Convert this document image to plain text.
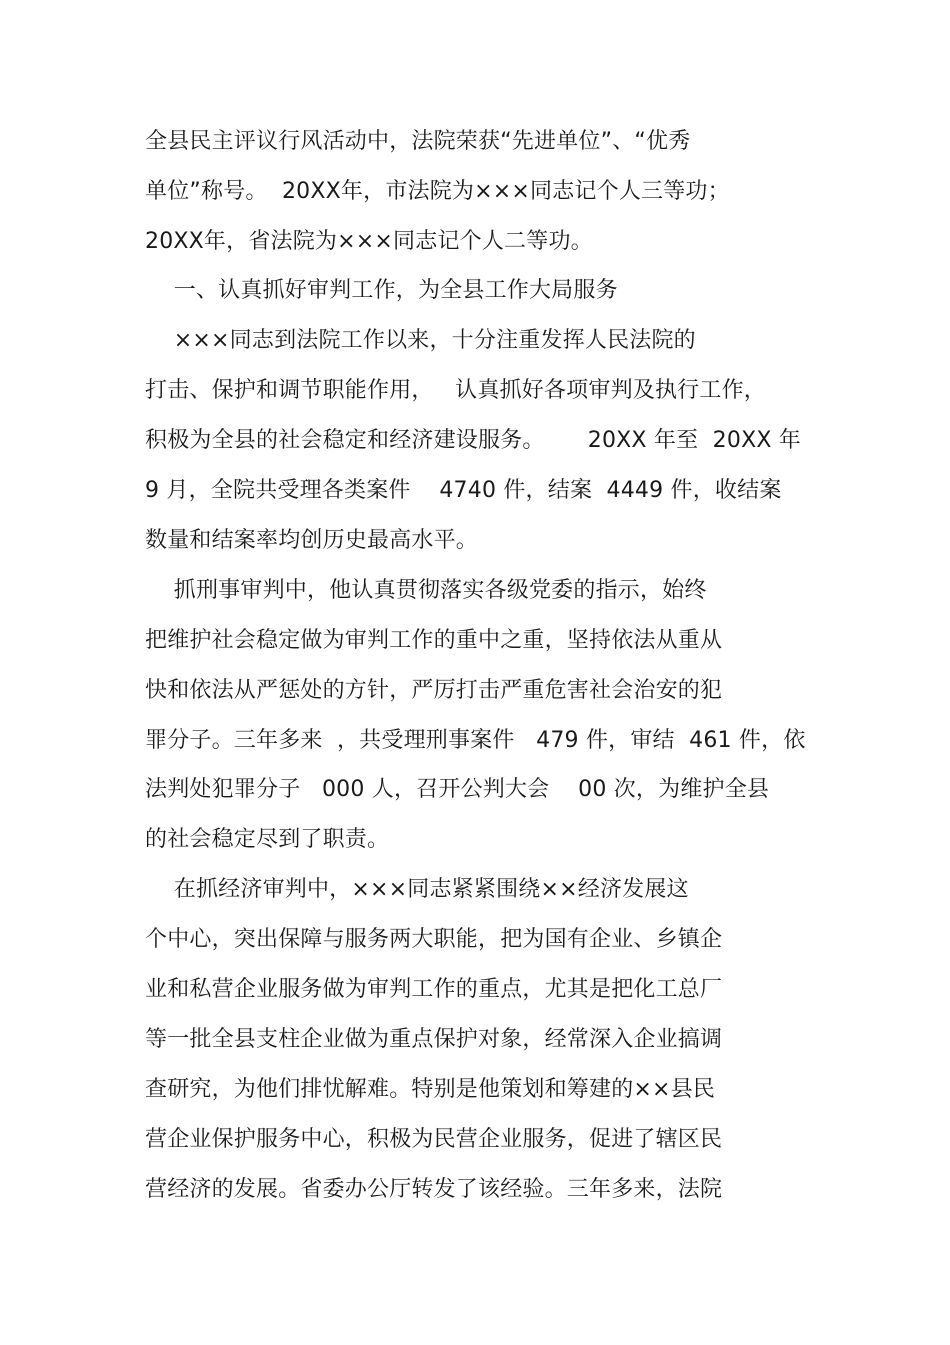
全县民主评议行风活动中，法院荣获“先进单位”、“优秀
单位”称号。  20XX年，市法院为×××同志记个人三等功；
20XX年，省法院为×××同志记个人二等功。
一、认真抓好审判工作，为全县工作大局服务
×××同志到法院工作以来，十分注重发挥人民法院的
打击、保护和调节职能作用，   认真抓好各项审判及执行工作，
积极为全县的社会稳定和经济建设服务。      20XX 年至  20XX 年
9 月，全院共受理各类案件    4740 件，结案  4449 件，收结案
数量和结案率均创历史最高水平。
抓刑事审判中，他认真贯彻落实各级党委的指示，始终
把维护社会稳定做为审判工作的重中之重，坚持依法从重从
快和依法从严惩处的方针，严厉打击严重危害社会治安的犯
罪分子。三年多来  ，共受理刑事案件   479 件，审结  461 件，依
法判处犯罪分子   000 人，召开公判大会    00 次，为维护全县
的社会稳定尽到了职责。
在抓经济审判中，×××同志紧紧围绕××经济发展这
个中心，突出保障与服务两大职能，把为国有企业、乡镇企
业和私营企业服务做为审判工作的重点，尤其是把化工总厂
等一批全县支柱企业做为重点保护对象，经常深入企业搞调
查研究，为他们排忧解难。特别是他策划和筹建的××县民
营企业保护服务中心，积极为民营企业服务，促进了辖区民
营经济的发展。省委办公厅转发了该经验。三年多来，法院
